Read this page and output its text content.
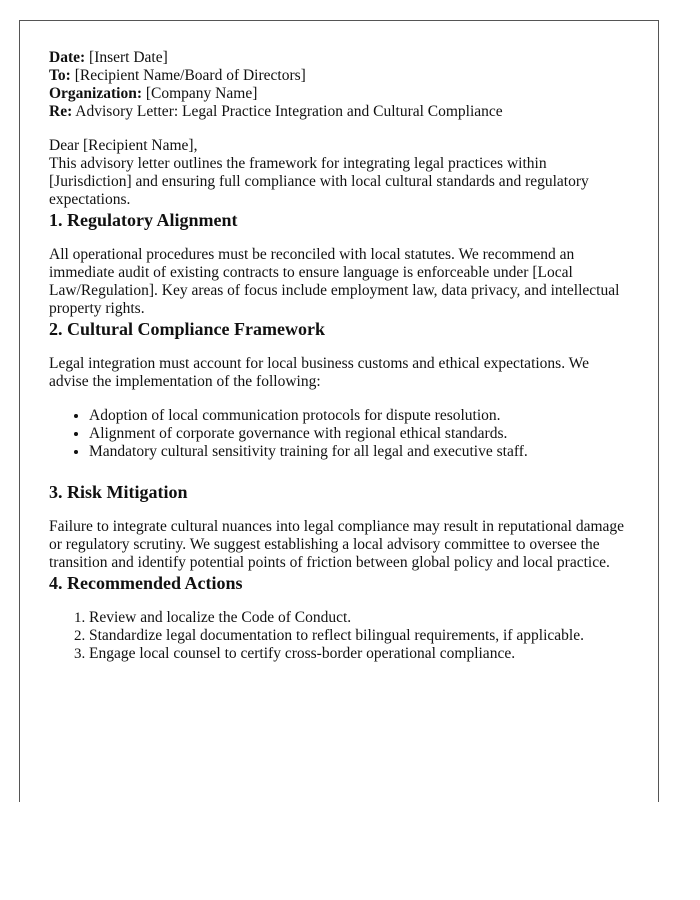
Date: [Insert Date]

To: [Recipient Name/Board of Directors]

Organization: [Company Name]

Re: Advisory Letter: Legal Practice Integration and Cultural Compliance

Dear [Recipient Name],

This advisory letter outlines the framework for integrating legal practices within [Jurisdiction] and ensuring full compliance with local cultural standards and regulatory expectations.

1. Regulatory Alignment

All operational procedures must be reconciled with local statutes. We recommend an immediate audit of existing contracts to ensure language is enforceable under [Local Law/Regulation]. Key areas of focus include employment law, data privacy, and intellectual property rights.

2. Cultural Compliance Framework

Legal integration must account for local business customs and ethical expectations. We advise the implementation of the following:

• Adoption of local communication protocols for dispute resolution.
• Alignment of corporate governance with regional ethical standards.
• Mandatory cultural sensitivity training for all legal and executive staff.
3. Risk Mitigation

Failure to integrate cultural nuances into legal compliance may result in reputational damage or regulatory scrutiny. We suggest establishing a local advisory committee to oversee the transition and identify potential points of friction between global policy and local practice.

4. Recommended Actions
1. Review and localize the Code of Conduct.
2. Standardize legal documentation to reflect bilingual requirements, if applicable.
3. Engage local counsel to certify cross-border operational compliance.
